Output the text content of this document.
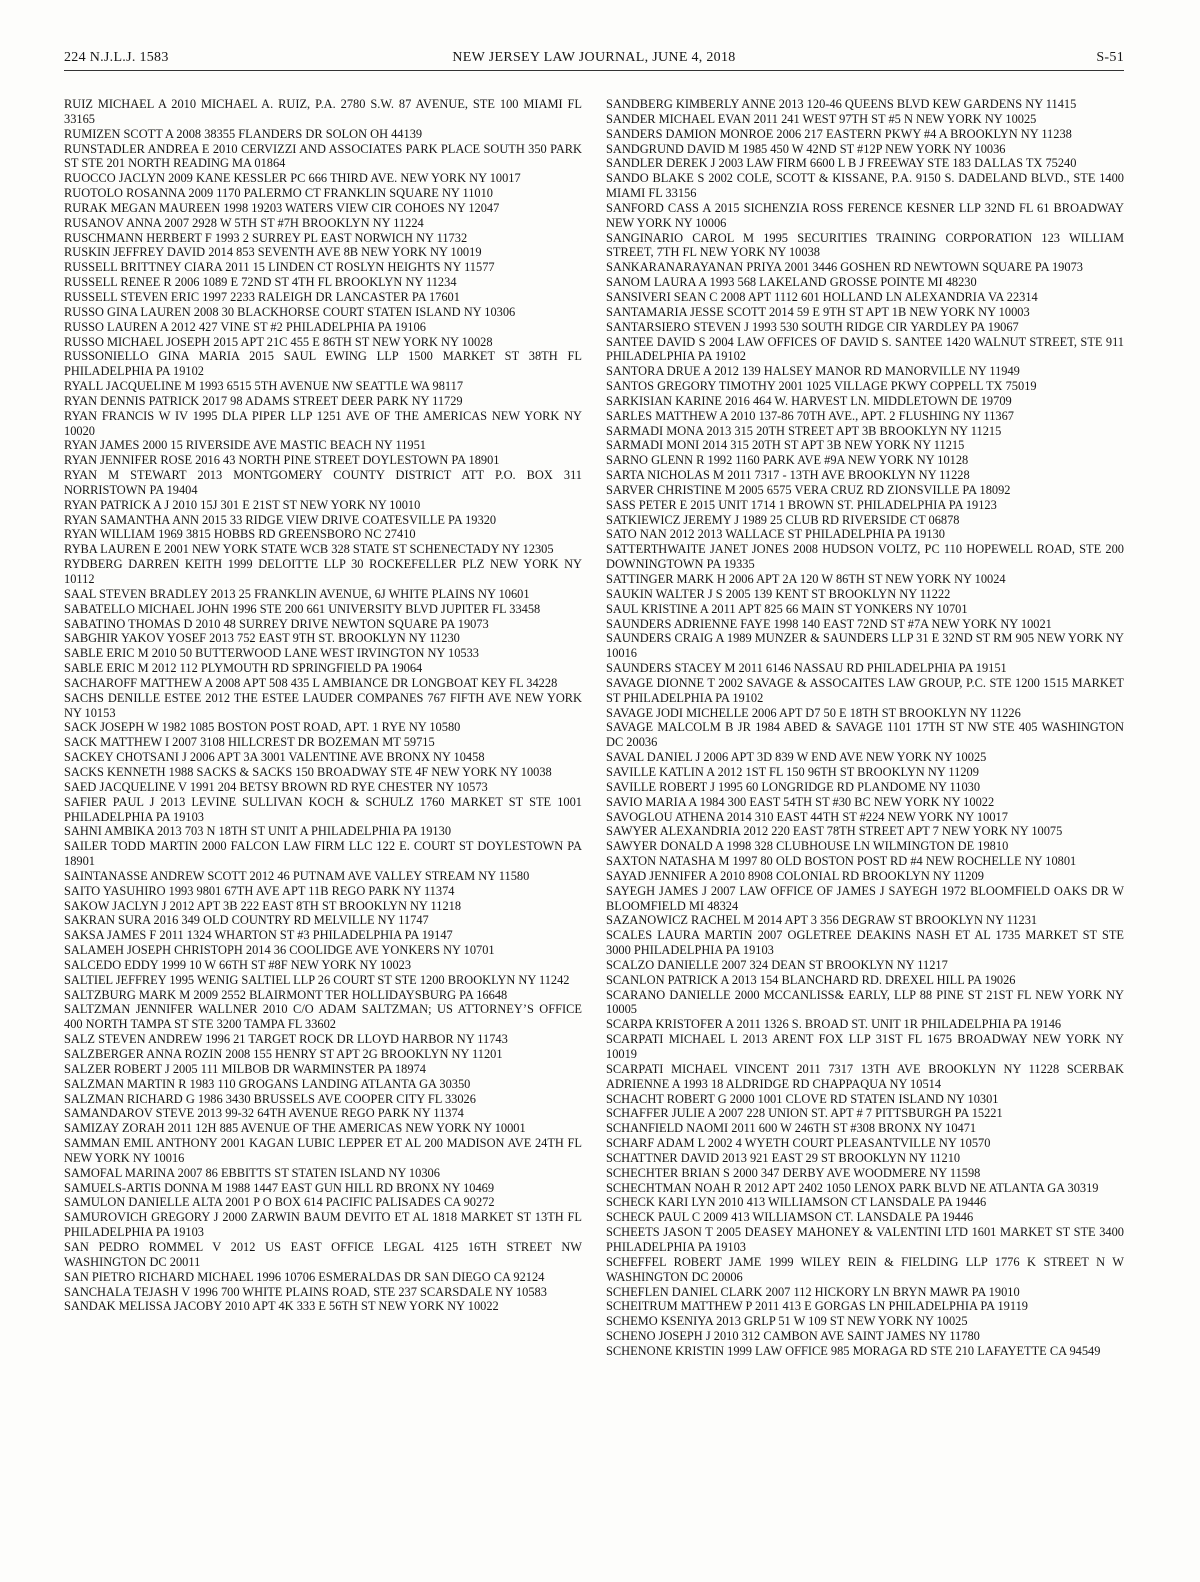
224 N.J.L.J. 1583	NEW JERSEY LAW JOURNAL, JUNE 4, 2018	S-51

RUIZ MICHAEL A 2010 MICHAEL A. RUIZ, P.A. 2780 S.W. 87 AVENUE, STE 100 MIAMI FL 33165

RUMIZEN SCOTT A 2008 38355 FLANDERS DR SOLON OH 44139

RUNSTADLER ANDREA E 2010 CERVIZZI AND ASSOCIATES PARK PLACE SOUTH 350 PARK ST STE 201 NORTH READING MA 01864

RUOCCO JACLYN 2009 KANE KESSLER PC 666 THIRD AVE. NEW YORK NY 10017

RUOTOLO ROSANNA 2009 1170 PALERMO CT FRANKLIN SQUARE NY 11010

RURAK MEGAN MAUREEN 1998 19203 WATERS VIEW CIR COHOES NY 12047

RUSANOV ANNA 2007 2928 W 5TH ST #7H BROOKLYN NY 11224

RUSCHMANN HERBERT F 1993 2 SURREY PL EAST NORWICH NY 11732

RUSKIN JEFFREY DAVID 2014 853 SEVENTH AVE 8B NEW YORK NY 10019

RUSSELL BRITTNEY CIARA 2011 15 LINDEN CT ROSLYN HEIGHTS NY 11577

RUSSELL RENEE R 2006 1089 E 72ND ST 4TH FL BROOKLYN NY 11234

RUSSELL STEVEN ERIC 1997 2233 RALEIGH DR LANCASTER PA 17601

RUSSO GINA LAUREN 2008 30 BLACKHORSE COURT STATEN ISLAND NY 10306

RUSSO LAUREN A 2012 427 VINE ST #2 PHILADELPHIA PA 19106

RUSSO MICHAEL JOSEPH 2015 APT 21C 455 E 86TH ST NEW YORK NY 10028

RUSSONIELLO GINA MARIA 2015 SAUL EWING LLP 1500 MARKET ST 38TH FL PHILADELPHIA PA 19102

RYALL JACQUELINE M 1993 6515 5TH AVENUE NW SEATTLE WA 98117

RYAN DENNIS PATRICK 2017 98 ADAMS STREET DEER PARK NY 11729

RYAN FRANCIS W IV 1995 DLA PIPER LLP 1251 AVE OF THE AMERICAS NEW YORK NY 10020

RYAN JAMES 2000 15 RIVERSIDE AVE MASTIC BEACH NY 11951

RYAN JENNIFER ROSE 2016 43 NORTH PINE STREET DOYLESTOWN PA 18901

RYAN M STEWART 2013 MONTGOMERY COUNTY DISTRICT ATT P.O. BOX 311 NORRISTOWN PA 19404

RYAN PATRICK A J 2010 15J 301 E 21ST ST NEW YORK NY 10010

RYAN SAMANTHA ANN 2015 33 RIDGE VIEW DRIVE COATESVILLE PA 19320

RYAN WILLIAM 1969 3815 HOBBS RD GREENSBORO NC 27410

RYBA LAUREN E 2001 NEW YORK STATE WCB 328 STATE ST SCHENECTADY NY 12305

RYDBERG DARREN KEITH 1999 DELOITTE LLP 30 ROCKEFELLER PLZ NEW YORK NY 10112

SAAL STEVEN BRADLEY 2013 25 FRANKLIN AVENUE, 6J WHITE PLAINS NY 10601

SABATELLO MICHAEL JOHN 1996 STE 200 661 UNIVERSITY BLVD JUPITER FL 33458

SABATINO THOMAS D 2010 48 SURREY DRIVE NEWTON SQUARE PA 19073

SABGHIR YAKOV YOSEF 2013 752 EAST 9TH ST. BROOKLYN NY 11230

SABLE ERIC M 2010 50 BUTTERWOOD LANE WEST IRVINGTON NY 10533

SABLE ERIC M 2012 112 PLYMOUTH RD SPRINGFIELD PA 19064

SACHAROFF MATTHEW A 2008 APT 508 435 L AMBIANCE DR LONGBOAT KEY FL 34228

SACHS DENILLE ESTEE 2012 THE ESTEE LAUDER COMPANES 767 FIFTH AVE NEW YORK NY 10153

SACK JOSEPH W 1982 1085 BOSTON POST ROAD, APT. 1 RYE NY 10580

SACK MATTHEW I 2007 3108 HILLCREST DR BOZEMAN MT 59715

SACKEY CHOTSANI J 2006 APT 3A 3001 VALENTINE AVE BRONX NY 10458

SACKS KENNETH 1988 SACKS & SACKS 150 BROADWAY STE 4F NEW YORK NY 10038

SAED JACQUELINE V 1991 204 BETSY BROWN RD RYE CHESTER NY 10573

SAFIER PAUL J 2013 LEVINE SULLIVAN KOCH & SCHULZ 1760 MARKET ST STE 1001 PHILADELPHIA PA 19103

SAHNI AMBIKA 2013 703 N 18TH ST UNIT A PHILADELPHIA PA 19130

SAILER TODD MARTIN 2000 FALCON LAW FIRM LLC 122 E. COURT ST DOYLESTOWN PA 18901

SAINTANASSE ANDREW SCOTT 2012 46 PUTNAM AVE VALLEY STREAM NY 11580

SAITO YASUHIRO 1993 9801 67TH AVE APT 11B REGO PARK NY 11374

SAKOW JACLYN J 2012 APT 3B 222 EAST 8TH ST BROOKLYN NY 11218

SAKRAN SURA 2016 349 OLD COUNTRY RD MELVILLE NY 11747

SAKSA JAMES F 2011 1324 WHARTON ST #3 PHILADELPHIA PA 19147

SALAMEH JOSEPH CHRISTOPH 2014 36 COOLIDGE AVE YONKERS NY 10701

SALCEDO EDDY 1999 10 W 66TH ST #8F NEW YORK NY 10023

SALTIEL JEFFREY 1995 WENIG SALTIEL LLP 26 COURT ST STE 1200 BROOKLYN NY 11242

SALTZBURG MARK M 2009 2552 BLAIRMONT TER HOLLIDAYSBURG PA 16648

SALTZMAN JENNIFER WALLNER 2010 C/O ADAM SALTZMAN; US ATTORNEY’S OFFICE 400 NORTH TAMPA ST STE 3200 TAMPA FL 33602

SALZ STEVEN ANDREW 1996 21 TARGET ROCK DR LLOYD HARBOR NY 11743

SALZBERGER ANNA ROZIN 2008 155 HENRY ST APT 2G BROOKLYN NY 11201

SALZER ROBERT J 2005 111 MILBOB DR WARMINSTER PA 18974

SALZMAN MARTIN R 1983 110 GROGANS LANDING ATLANTA GA 30350

SALZMAN RICHARD G 1986 3430 BRUSSELS AVE COOPER CITY FL 33026

SAMANDAROV STEVE 2013 99-32 64TH AVENUE REGO PARK NY 11374

SAMIZAY ZORAH 2011 12H 885 AVENUE OF THE AMERICAS NEW YORK NY 10001

SAMMAN EMIL ANTHONY 2001 KAGAN LUBIC LEPPER ET AL 200 MADISON AVE 24TH FL NEW YORK NY 10016

SAMOFAL MARINA 2007 86 EBBITTS ST STATEN ISLAND NY 10306

SAMUELS-ARTIS DONNA M 1988 1447 EAST GUN HILL RD BRONX NY 10469

SAMULON DANIELLE ALTA 2001 P O BOX 614 PACIFIC PALISADES CA 90272

SAMUROVICH GREGORY J 2000 ZARWIN BAUM DEVITO ET AL 1818 MARKET ST 13TH FL PHILADELPHIA PA 19103

SAN PEDRO ROMMEL V 2012 US EAST OFFICE LEGAL 4125 16TH STREET NW WASHINGTON DC 20011

SAN PIETRO RICHARD MICHAEL 1996 10706 ESMERALDAS DR SAN DIEGO CA 92124

SANCHALA TEJASH V 1996 700 WHITE PLAINS ROAD, STE 237 SCARSDALE NY 10583

SANDAK MELISSA JACOBY 2010 APT 4K 333 E 56TH ST NEW YORK NY 10022

SANDBERG KIMBERLY ANNE 2013 120-46 QUEENS BLVD KEW GARDENS NY 11415

SANDER MICHAEL EVAN 2011 241 WEST 97TH ST #5 N NEW YORK NY 10025

SANDERS DAMION MONROE 2006 217 EASTERN PKWY #4 A BROOKLYN NY 11238

SANDGRUND DAVID M 1985 450 W 42ND ST #12P NEW YORK NY 10036

SANDLER DEREK J 2003 LAW FIRM 6600 L B J FREEWAY STE 183 DALLAS TX 75240

SANDO BLAKE S 2002 COLE, SCOTT & KISSANE, P.A. 9150 S. DADELAND BLVD., STE 1400 MIAMI FL 33156

SANFORD CASS A 2015 SICHENZIA ROSS FERENCE KESNER LLP 32ND FL 61 BROADWAY NEW YORK NY 10006

SANGINARIO CAROL M 1995 SECURITIES TRAINING CORPORATION 123 WILLIAM STREET, 7TH FL NEW YORK NY 10038

SANKARANARAYANAN PRIYA 2001 3446 GOSHEN RD NEWTOWN SQUARE PA 19073

SANOM LAURA A 1993 568 LAKELAND GROSSE POINTE MI 48230

SANSIVERI SEAN C 2008 APT 1112 601 HOLLAND LN ALEXANDRIA VA 22314

SANTAMARIA JESSE SCOTT 2014 59 E 9TH ST APT 1B NEW YORK NY 10003

SANTARSIERO STEVEN J 1993 530 SOUTH RIDGE CIR YARDLEY PA 19067

SANTEE DAVID S 2004 LAW OFFICES OF DAVID S. SANTEE 1420 WALNUT STREET, STE 911 PHILADELPHIA PA 19102

SANTORA DRUE A 2012 139 HALSEY MANOR RD MANORVILLE NY 11949

SANTOS GREGORY TIMOTHY 2001 1025 VILLAGE PKWY COPPELL TX 75019

SARKISIAN KARINE 2016 464 W. HARVEST LN. MIDDLETOWN DE 19709

SARLES MATTHEW A 2010 137-86 70TH AVE., APT. 2 FLUSHING NY 11367

SARMADI MONA 2013 315 20TH STREET APT 3B BROOKLYN NY 11215

SARMADI MONI 2014 315 20TH ST APT 3B NEW YORK NY 11215

SARNO GLENN R 1992 1160 PARK AVE #9A NEW YORK NY 10128

SARTA NICHOLAS M 2011 7317 - 13TH AVE BROOKLYN NY 11228

SARVER CHRISTINE M 2005 6575 VERA CRUZ RD ZIONSVILLE PA 18092

SASS PETER E 2015 UNIT 1714 1 BROWN ST. PHILADELPHIA PA 19123

SATKIEWICZ JEREMY J 1989 25 CLUB RD RIVERSIDE CT 06878

SATO NAN 2012 2013 WALLACE ST PHILADELPHIA PA 19130

SATTERTHWAITE JANET JONES 2008 HUDSON VOLTZ, PC 110 HOPEWELL ROAD, STE 200 DOWNINGTOWN PA 19335

SATTINGER MARK H 2006 APT 2A 120 W 86TH ST NEW YORK NY 10024

SAUKIN WALTER J S 2005 139 KENT ST BROOKLYN NY 11222

SAUL KRISTINE A 2011 APT 825 66 MAIN ST YONKERS NY 10701

SAUNDERS ADRIENNE FAYE 1998 140 EAST 72ND ST #7A NEW YORK NY 10021

SAUNDERS CRAIG A 1989 MUNZER & SAUNDERS LLP 31 E 32ND ST RM 905 NEW YORK NY 10016

SAUNDERS STACEY M 2011 6146 NASSAU RD PHILADELPHIA PA 19151

SAVAGE DIONNE T 2002 SAVAGE & ASSOCAITES LAW GROUP, P.C. STE 1200 1515 MARKET ST PHILADELPHIA PA 19102

SAVAGE JODI MICHELLE 2006 APT D7 50 E 18TH ST BROOKLYN NY 11226

SAVAGE MALCOLM B JR 1984 ABED & SAVAGE 1101 17TH ST NW STE 405 WASHINGTON DC 20036

SAVAL DANIEL J 2006 APT 3D 839 W END AVE NEW YORK NY 10025

SAVILLE KATLIN A 2012 1ST FL 150 96TH ST BROOKLYN NY 11209

SAVILLE ROBERT J 1995 60 LONGRIDGE RD PLANDOME NY 11030

SAVIO MARIA A 1984 300 EAST 54TH ST #30 BC NEW YORK NY 10022

SAVOGLOU ATHENA 2014 310 EAST 44TH ST #224 NEW YORK NY 10017

SAWYER ALEXANDRIA 2012 220 EAST 78TH STREET APT 7 NEW YORK NY 10075

SAWYER DONALD A 1998 328 CLUBHOUSE LN WILMINGTON DE 19810

SAXTON NATASHA M 1997 80 OLD BOSTON POST RD #4 NEW ROCHELLE NY 10801

SAYAD JENNIFER A 2010 8908 COLONIAL RD BROOKLYN NY 11209

SAYEGH JAMES J 2007 LAW OFFICE OF JAMES J SAYEGH 1972 BLOOMFIELD OAKS DR W BLOOMFIELD MI 48324

SAZANOWICZ RACHEL M 2014 APT 3 356 DEGRAW ST BROOKLYN NY 11231

SCALES LAURA MARTIN 2007 OGLETREE DEAKINS NASH ET AL 1735 MARKET ST STE 3000 PHILADELPHIA PA 19103

SCALZO DANIELLE 2007 324 DEAN ST BROOKLYN NY 11217

SCANLON PATRICK A 2013 154 BLANCHARD RD. DREXEL HILL PA 19026

SCARANO DANIELLE 2000 MCCANLISS& EARLY, LLP 88 PINE ST 21ST FL NEW YORK NY 10005

SCARPA KRISTOFER A 2011 1326 S. BROAD ST. UNIT 1R PHILADELPHIA PA 19146

SCARPATI MICHAEL L 2013 ARENT FOX LLP 31ST FL 1675 BROADWAY NEW YORK NY 10019

SCARPATI MICHAEL VINCENT 2011 7317 13TH AVE BROOKLYN NY 11228 SCERBAK ADRIENNE A 1993 18 ALDRIDGE RD CHAPPAQUA NY 10514

SCHACHT ROBERT G 2000 1001 CLOVE RD STATEN ISLAND NY 10301

SCHAFFER JULIE A 2007 228 UNION ST. APT # 7 PITTSBURGH PA 15221

SCHANFIELD NAOMI 2011 600 W 246TH ST #308 BRONX NY 10471

SCHARF ADAM L 2002 4 WYETH COURT PLEASANTVILLE NY 10570

SCHATTNER DAVID 2013 921 EAST 29 ST BROOKLYN NY 11210

SCHECHTER BRIAN S 2000 347 DERBY AVE WOODMERE NY 11598

SCHECHTMAN NOAH R 2012 APT 2402 1050 LENOX PARK BLVD NE ATLANTA GA 30319

SCHECK KARI LYN 2010 413 WILLIAMSON CT LANSDALE PA 19446

SCHECK PAUL C 2009 413 WILLIAMSON CT. LANSDALE PA 19446

SCHEETS JASON T 2005 DEASEY MAHONEY & VALENTINI LTD 1601 MARKET ST STE 3400 PHILADELPHIA PA 19103

SCHEFFEL ROBERT JAME 1999 WILEY REIN & FIELDING LLP 1776 K STREET N W WASHINGTON DC 20006

SCHEFLEN DANIEL CLARK 2007 112 HICKORY LN BRYN MAWR PA 19010

SCHEITRUM MATTHEW P 2011 413 E GORGAS LN PHILADELPHIA PA 19119

SCHEMO KSENIYA 2013 GRLP 51 W 109 ST NEW YORK NY 10025

SCHENO JOSEPH J 2010 312 CAMBON AVE SAINT JAMES NY 11780

SCHENONE KRISTIN 1999 LAW OFFICE 985 MORAGA RD STE 210 LAFAYETTE CA 94549
